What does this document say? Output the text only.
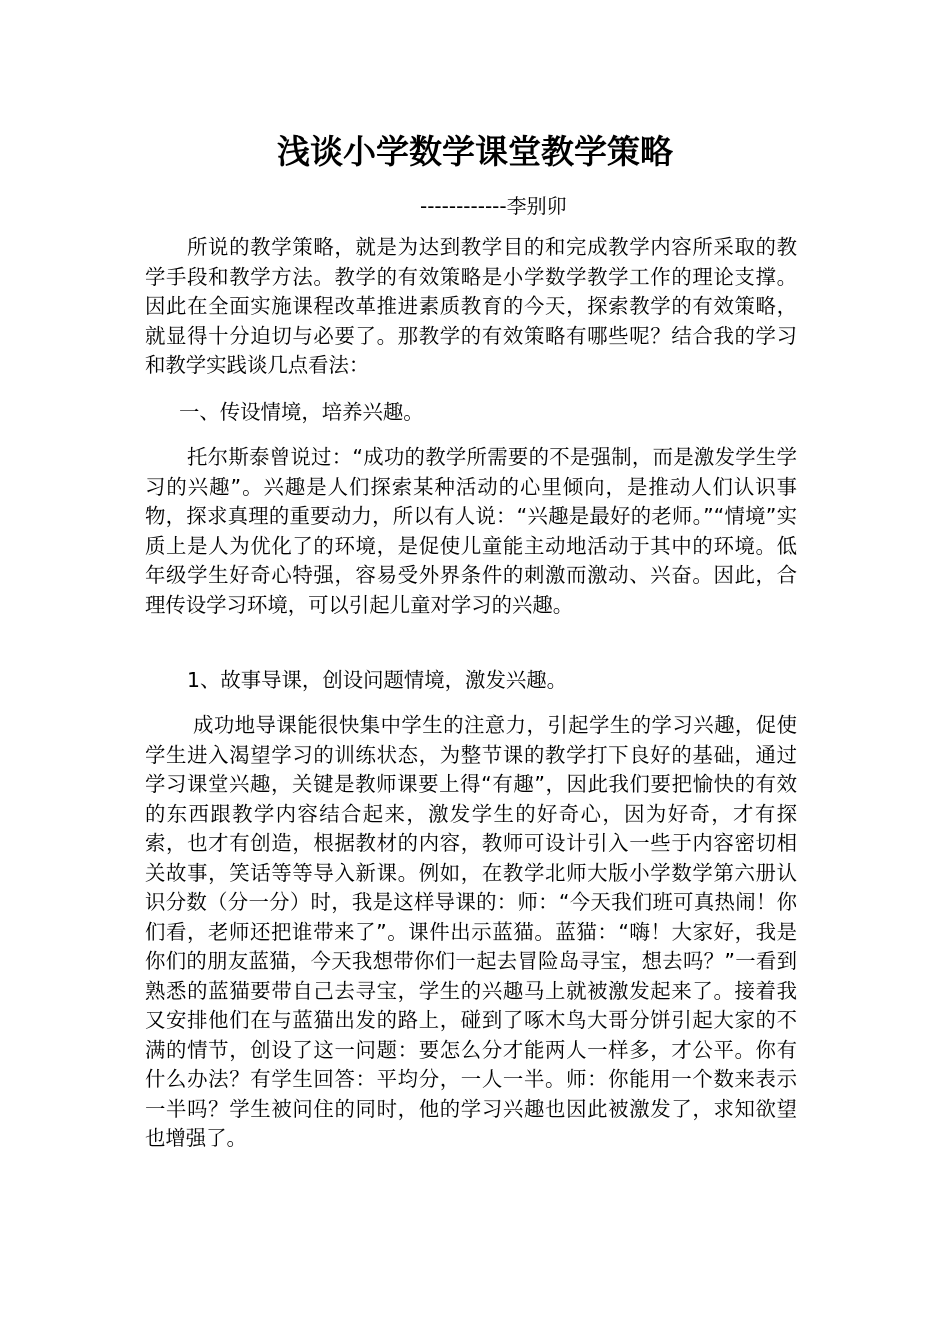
浅谈小学数学课堂教学策略
------------李别卯
所说的教学策略，就是为达到教学目的和完成教学内容所采取的教学手段和教学方法。教学的有效策略是小学数学教学工作的理论支撑。因此在全面实施课程改革推进素质教育的今天，探索教学的有效策略，就显得十分迫切与必要了。那教学的有效策略有哪些呢？结合我的学习和教学实践谈几点看法：
一、传设情境，培养兴趣。
托尔斯泰曾说过：“成功的教学所需要的不是强制，而是激发学生学习的兴趣”。兴趣是人们探索某种活动的心里倾向，是推动人们认识事物，探求真理的重要动力，所以有人说：“兴趣是最好的老师。”“情境”实质上是人为优化了的环境，是促使儿童能主动地活动于其中的环境。低年级学生好奇心特强，容易受外界条件的刺激而激动、兴奋。因此，合理传设学习环境，可以引起儿童对学习的兴趣。
1、故事导课，创设问题情境，激发兴趣。
成功地导课能很快集中学生的注意力，引起学生的学习兴趣，促使学生进入渴望学习的训练状态，为整节课的教学打下良好的基础，通过学习课堂兴趣，关键是教师课要上得“有趣”，因此我们要把愉快的有效的东西跟教学内容结合起来，激发学生的好奇心，因为好奇，才有探索，也才有创造，根据教材的内容，教师可设计引入一些于内容密切相关故事，笑话等等导入新课。例如，在教学北师大版小学数学第六册认识分数（分一分）时，我是这样导课的：师：“今天我们班可真热闹！你们看，老师还把谁带来了”。课件出示蓝猫。蓝猫：“嗨！大家好，我是你们的朋友蓝猫，今天我想带你们一起去冒险岛寻宝，想去吗？”一看到熟悉的蓝猫要带自己去寻宝，学生的兴趣马上就被激发起来了。接着我又安排他们在与蓝猫出发的路上，碰到了啄木鸟大哥分饼引起大家的不满的情节，创设了这一问题：要怎么分才能两人一样多，才公平。你有什么办法？有学生回答：平均分，一人一半。师：你能用一个数来表示一半吗？学生被问住的同时，他的学习兴趣也因此被激发了，求知欲望也增强了。
